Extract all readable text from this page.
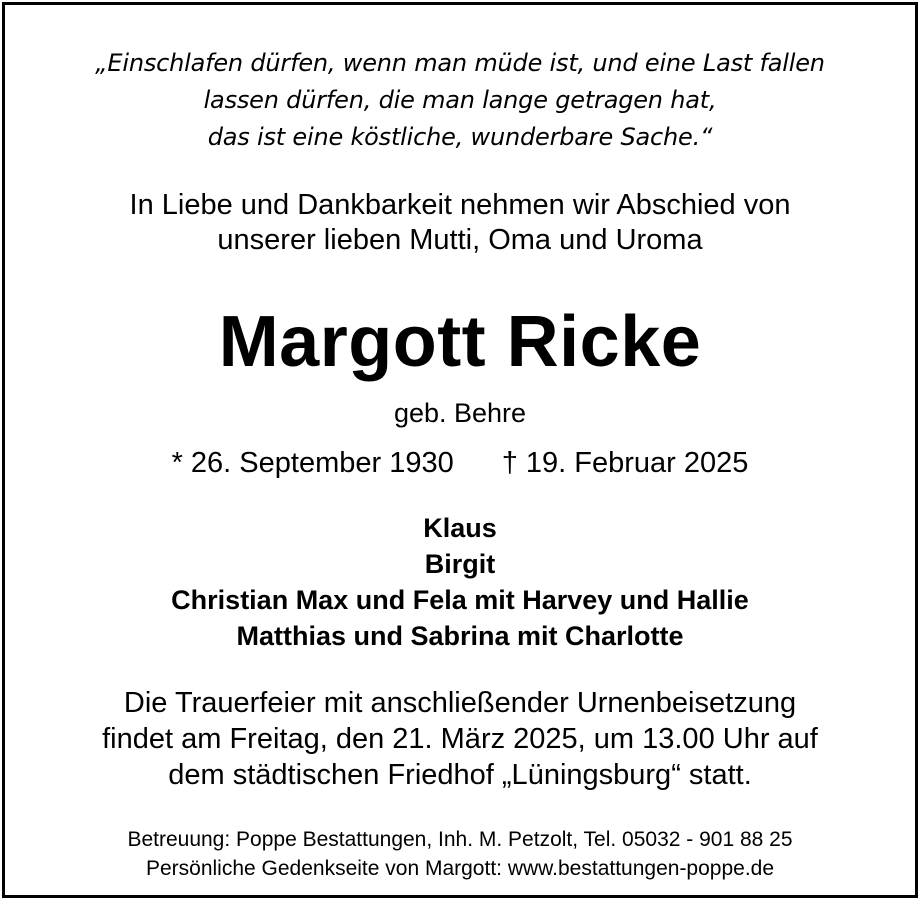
„Einschlafen dürfen, wenn man müde ist, und eine Last fallen
lassen dürfen, die man lange getragen hat,
das ist eine köstliche, wunderbare Sache.“
In Liebe und Dankbarkeit nehmen wir Abschied von
unserer lieben Mutti, Oma und Uroma
Margott Ricke
geb. Behre
* 26. September 1930 † 19. Februar 2025
Klaus
Birgit
Christian Max und Fela mit Harvey und Hallie
Matthias und Sabrina mit Charlotte
Die Trauerfeier mit anschließender Urnenbeisetzung
findet am Freitag, den 21. März 2025, um 13.00 Uhr auf
dem städtischen Friedhof „Lüningsburg“ statt.
Betreuung: Poppe Bestattungen, Inh. M. Petzolt, Tel. 05032 - 901 88 25
Persönliche Gedenkseite von Margott: www.bestattungen-poppe.de
